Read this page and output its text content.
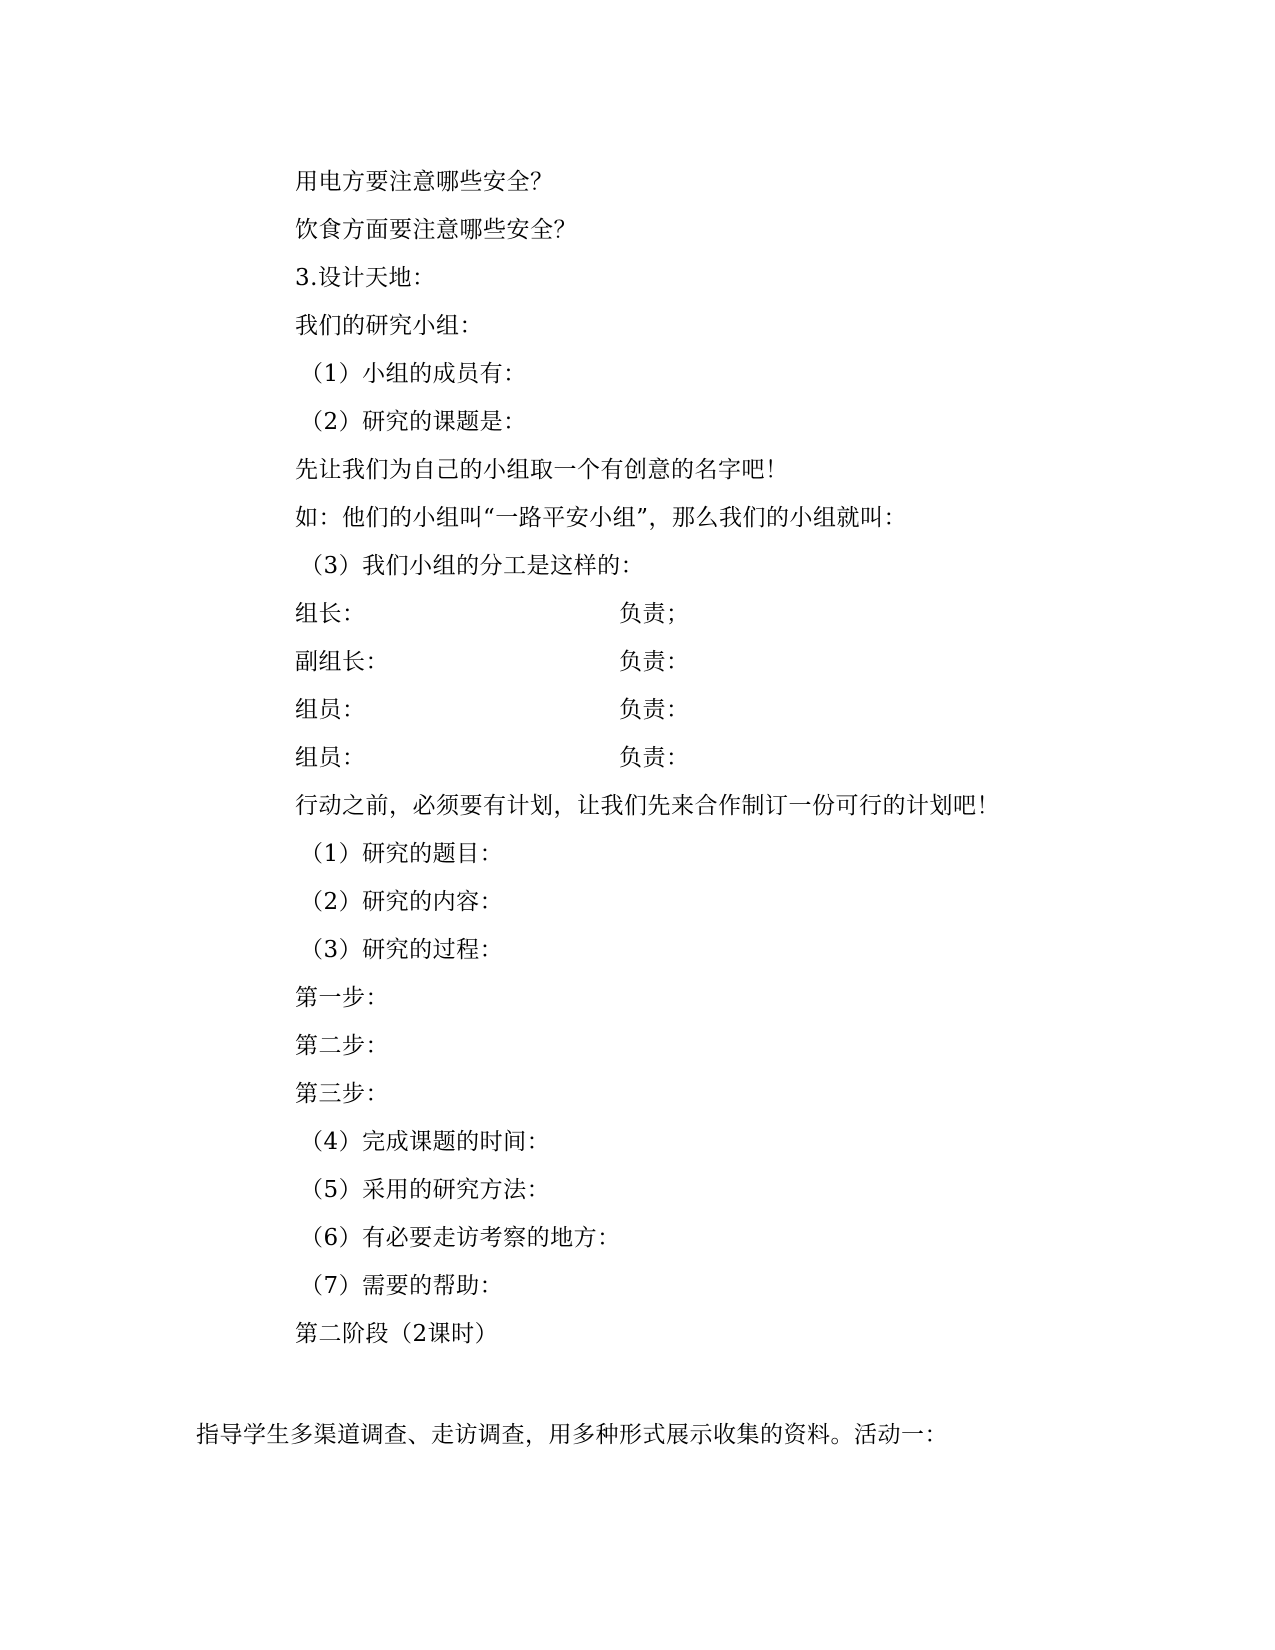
用电方要注意哪些安全？
饮食方面要注意哪些安全？
3.设计天地：
我们的研究小组：
（1）小组的成员有：
（2）研究的课题是：
先让我们为自己的小组取一个有创意的名字吧！
如：他们的小组叫“一路平安小组”，那么我们的小组就叫：
（3）我们小组的分工是这样的：
组长：	负责；
副组长：	负责：
组员：	负责：
组员：	负责：
行动之前，必须要有计划，让我们先来合作制订一份可行的计划吧！
（1）研究的题目：
（2）研究的内容：
（3）研究的过程：
第一步：
第二步：
第三步：
（4）完成课题的时间：
（5）采用的研究方法：
（6）有必要走访考察的地方：
（7）需要的帮助：
第二阶段（2课时）
指导学生多渠道调查、走访调查，用多种形式展示收集的资料。活动一：
